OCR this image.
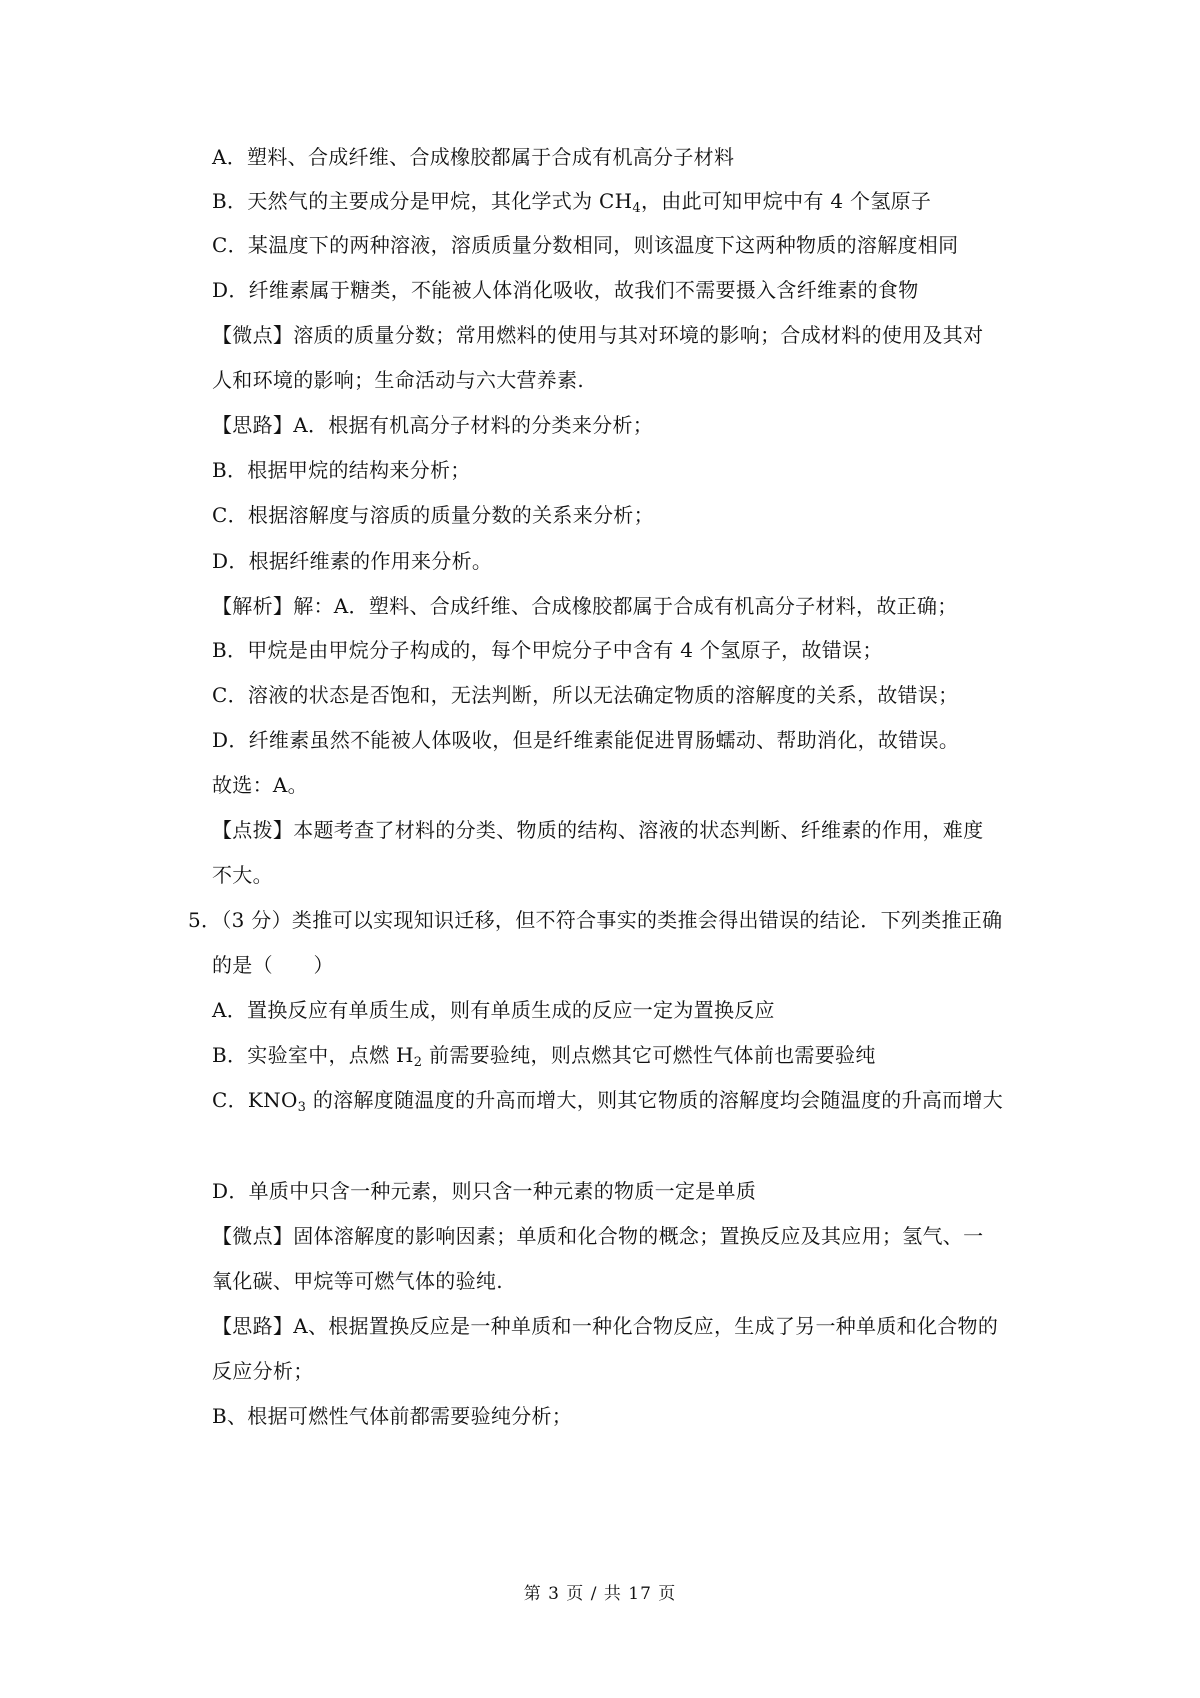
A．塑料、合成纤维、合成橡胶都属于合成有机高分子材料
B．天然气的主要成分是甲烷，其化学式为 $CH_4$，由此可知甲烷中有 4 个氢原子
C．某温度下的两种溶液，溶质质量分数相同，则该温度下这两种物质的溶解度相同
D．纤维素属于糖类，不能被人体消化吸收，故我们不需要摄入含纤维素的食物
【微点】溶质的质量分数；常用燃料的使用与其对环境的影响；合成材料的使用及其对
人和环境的影响；生命活动与六大营养素.
【思路】A．根据有机高分子材料的分类来分析；
B．根据甲烷的结构来分析；
C．根据溶解度与溶质的质量分数的关系来分析；
D．根据纤维素的作用来分析。
【解析】解：A．塑料、合成纤维、合成橡胶都属于合成有机高分子材料，故正确；
B．甲烷是由甲烷分子构成的，每个甲烷分子中含有 4 个氢原子，故错误；
C．溶液的状态是否饱和，无法判断，所以无法确定物质的溶解度的关系，故错误；
D．纤维素虽然不能被人体吸收，但是纤维素能促进胃肠蠕动、帮助消化，故错误。
故选：A。
【点拨】本题考查了材料的分类、物质的结构、溶液的状态判断、纤维素的作用，难度
不大。
5．（3 分）类推可以实现知识迁移，但不符合事实的类推会得出错误的结论．下列类推正确
的是（　　）
A．置换反应有单质生成，则有单质生成的反应一定为置换反应
B．实验室中，点燃 $H_2$ 前需要验纯，则点燃其它可燃性气体前也需要验纯
C．$KNO_3$ 的溶解度随温度的升高而增大，则其它物质的溶解度均会随温度的升高而增大
D．单质中只含一种元素，则只含一种元素的物质一定是单质
【微点】固体溶解度的影响因素；单质和化合物的概念；置换反应及其应用；氢气、一
氧化碳、甲烷等可燃气体的验纯.
【思路】A、根据置换反应是一种单质和一种化合物反应，生成了另一种单质和化合物的
反应分析；
B、根据可燃性气体前都需要验纯分析；
第 3 页 / 共 17 页
